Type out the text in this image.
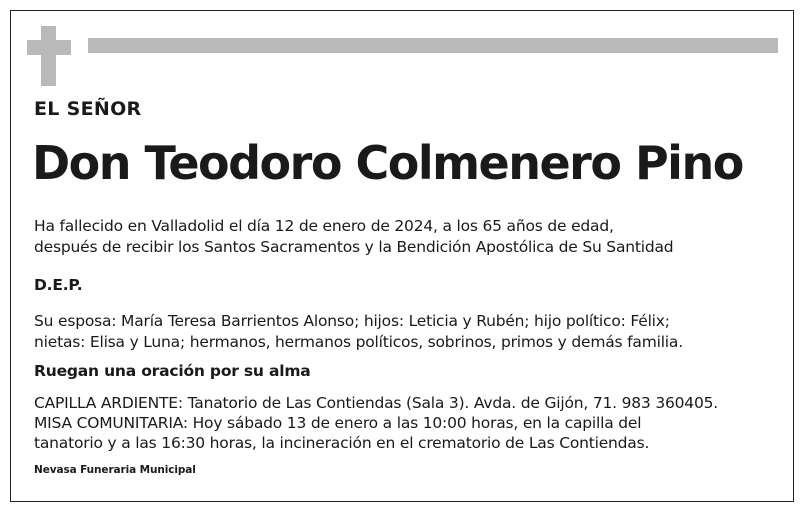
EL SEÑOR
Don Teodoro Colmenero Pino
Ha fallecido en Valladolid el día 12 de enero de 2024, a los 65 años de edad,
después de recibir los Santos Sacramentos y la Bendición Apostólica de Su Santidad
D.E.P.
Su esposa: María Teresa Barrientos Alonso; hijos: Leticia y Rubén; hijo político: Félix;
nietas: Elisa y Luna; hermanos, hermanos políticos, sobrinos, primos y demás familia.
Ruegan una oración por su alma
CAPILLA ARDIENTE: Tanatorio de Las Contiendas (Sala 3). Avda. de Gijón, 71. 983 360405.
MISA COMUNITARIA: Hoy sábado 13 de enero a las 10:00 horas, en la capilla del
tanatorio y a las 16:30 horas, la incineración en el crematorio de Las Contiendas.
Nevasa Funeraria Municipal
